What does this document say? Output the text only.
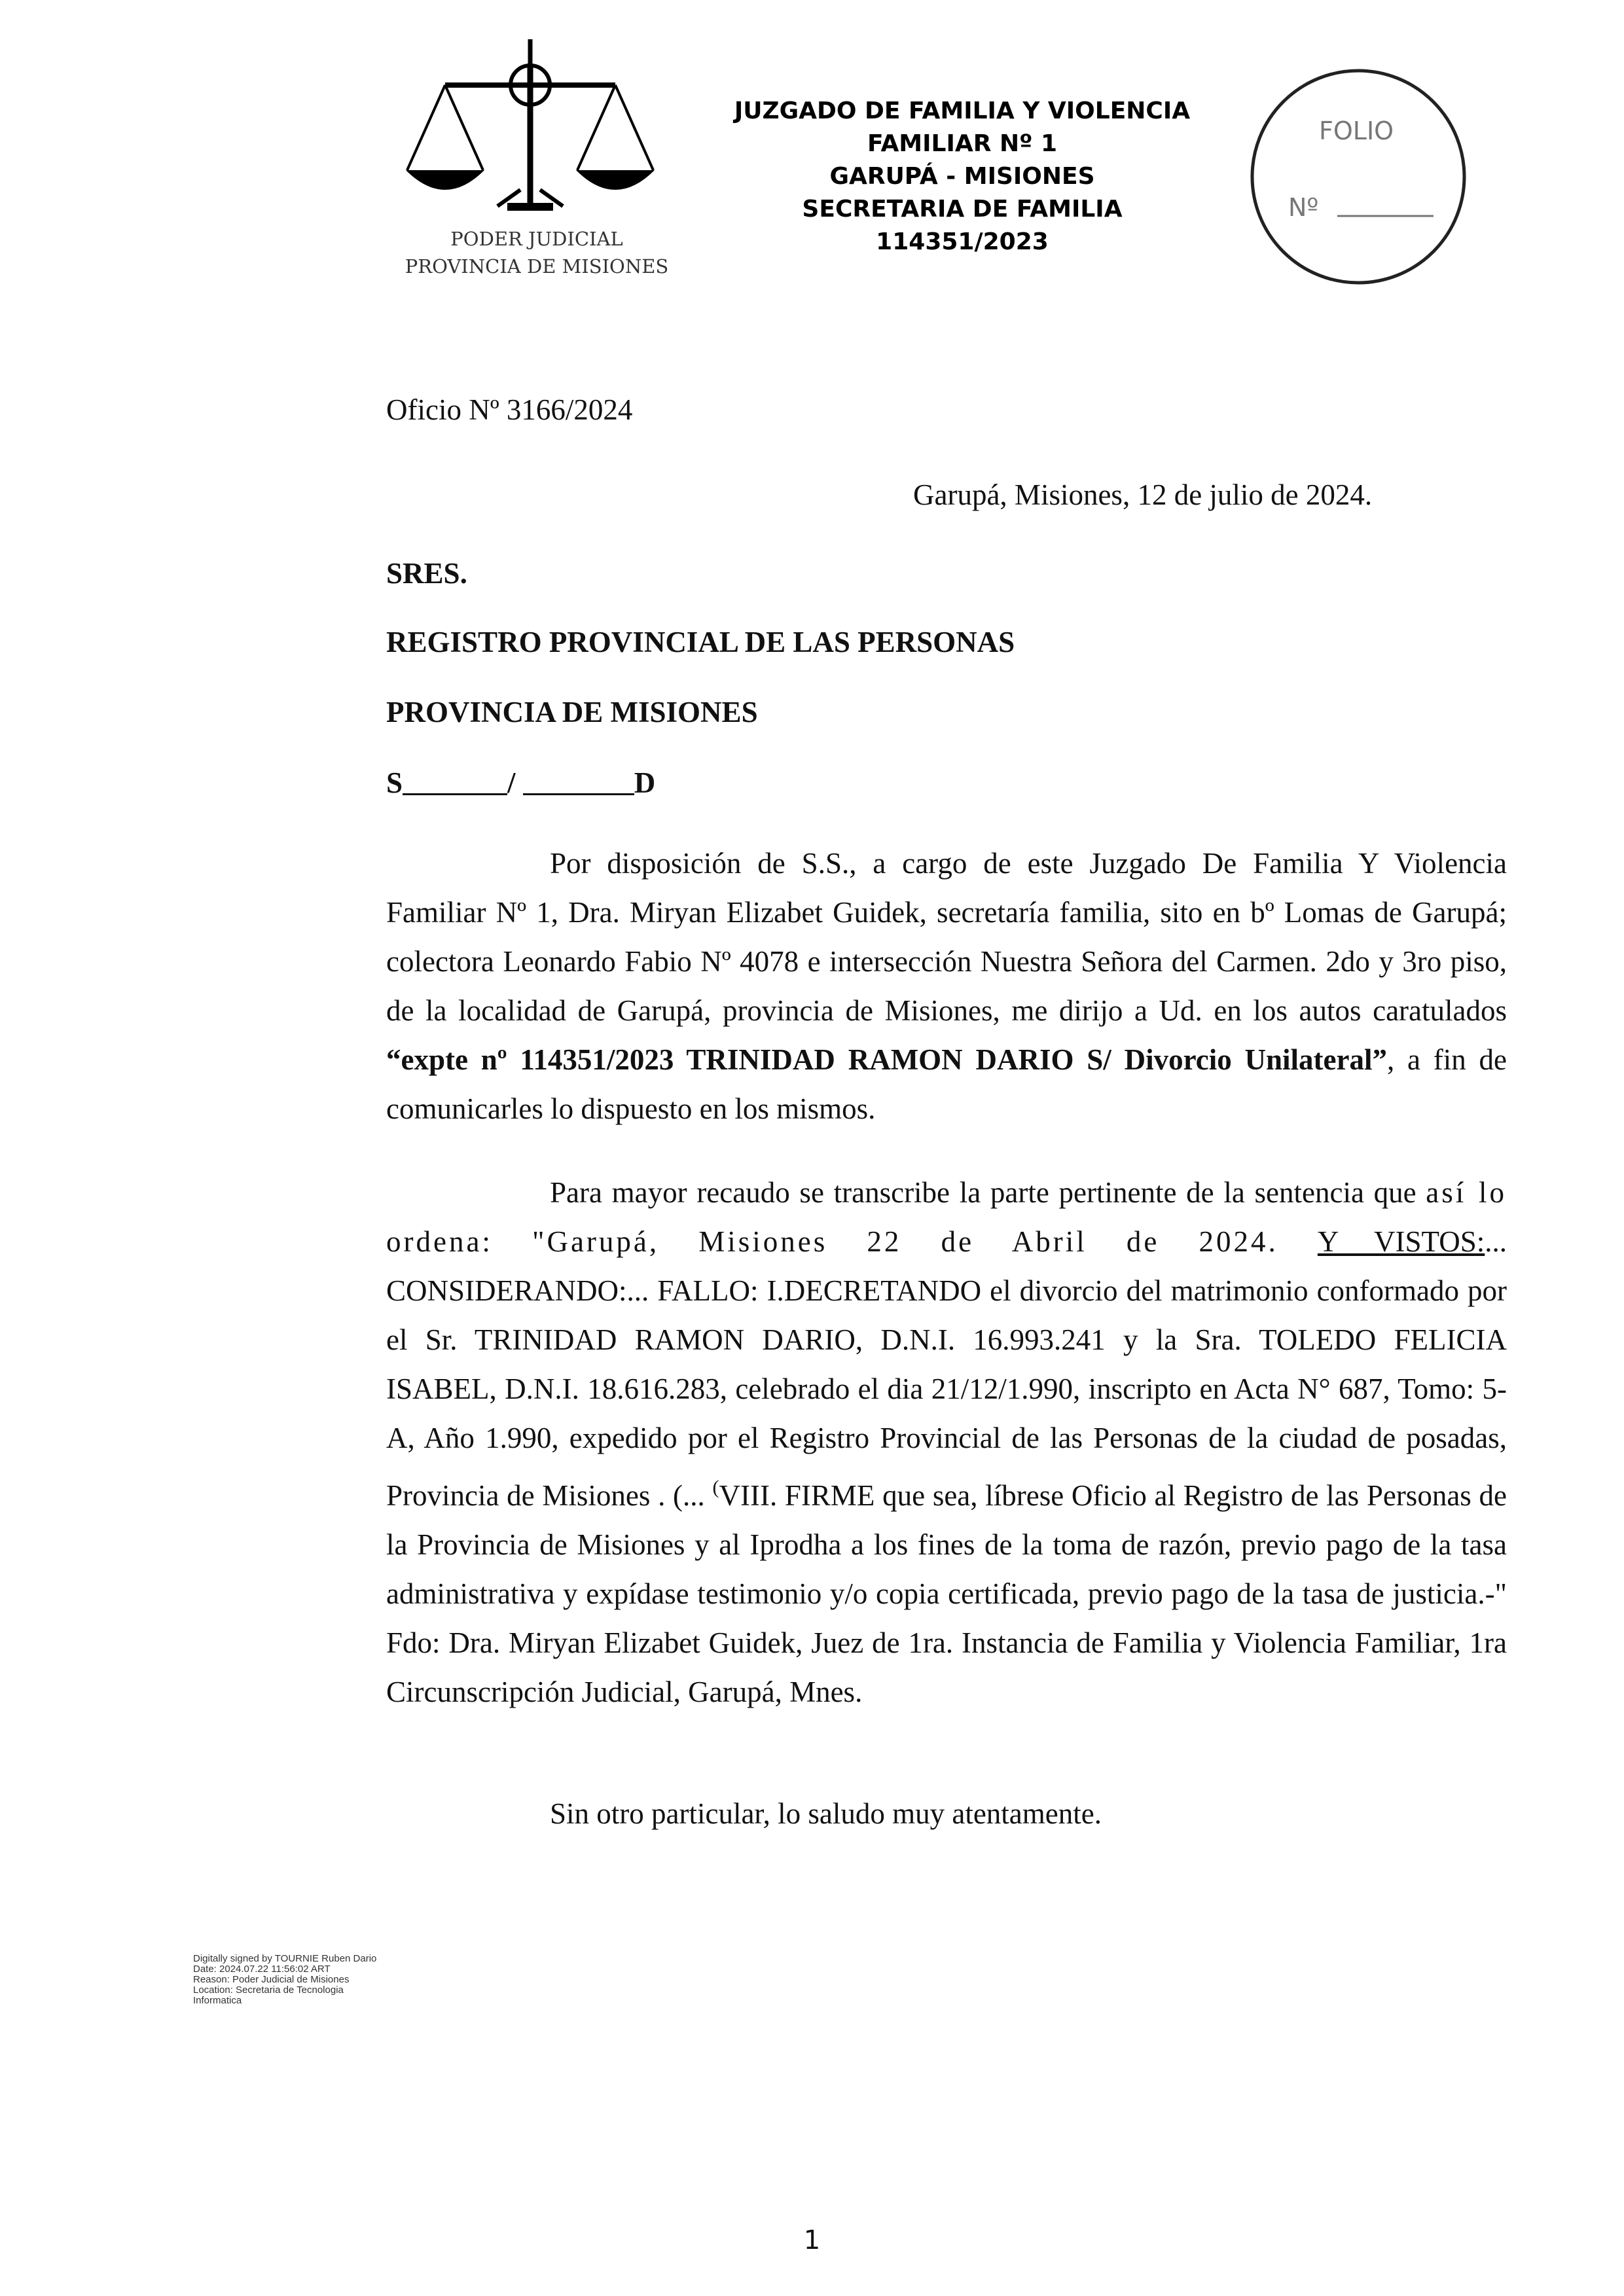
PODER JUDICIAL
PROVINCIA DE MISIONES
JUZGADO DE FAMILIA Y VIOLENCIA
FAMILIAR Nº 1
GARUPÁ - MISIONES
SECRETARIA DE FAMILIA
114351/2023
FOLIO
Nº
Oficio Nº 3166/2024
Garupá, Misiones, 12 de julio de 2024.
SRES.
REGISTRO PROVINCIAL DE LAS PERSONAS
PROVINCIA DE MISIONES
S	/	D
Por disposición de S.S., a cargo de este Juzgado De Familia Y Violencia Familiar Nº 1, Dra. Miryan Elizabet Guidek, secretaría familia, sito en bº Lomas de Garupá; colectora Leonardo Fabio Nº 4078 e intersección Nuestra Señora del Carmen. 2do y 3ro piso, de la localidad de Garupá, provincia de Misiones, me dirijo a Ud. en los autos caratulados “expte nº 114351/2023 TRINIDAD RAMON DARIO S/ Divorcio Unilateral”, a fin de comunicarles lo dispuesto en los mismos.
Para mayor recaudo se transcribe la parte pertinente de la sentencia que así lo ordena: "Garupá, Misiones 22 de Abril de 2024. Y VISTOS:... CONSIDERANDO:... FALLO: I.DECRETANDO el divorcio del matrimonio conformado por el Sr. TRINIDAD RAMON DARIO, D.N.I. 16.993.241 y la Sra. TOLEDO FELICIA ISABEL, D.N.I. 18.616.283, celebrado el dia 21/12/1.990, inscripto en Acta N° 687, Tomo: 5-A, Año 1.990, expedido por el Registro Provincial de las Personas de la ciudad de posadas, Provincia de Misiones . (... (VIII. FIRME que sea, líbrese Oficio al Registro de las Personas de la Provincia de Misiones y al Iprodha a los fines de la toma de razón, previo pago de la tasa administrativa y expídase testimonio y/o copia certificada, previo pago de la tasa de justicia.-" Fdo: Dra. Miryan Elizabet Guidek, Juez de 1ra. Instancia de Familia y Violencia Familiar, 1ra Circunscripción Judicial, Garupá, Mnes.
Sin otro particular, lo saludo muy atentamente.
Digitally signed by TOURNIE Ruben Dario
Date: 2024.07.22 11:56:02 ART
Reason: Poder Judicial de Misiones
Location: Secretaria de Tecnologia
Informatica
1
